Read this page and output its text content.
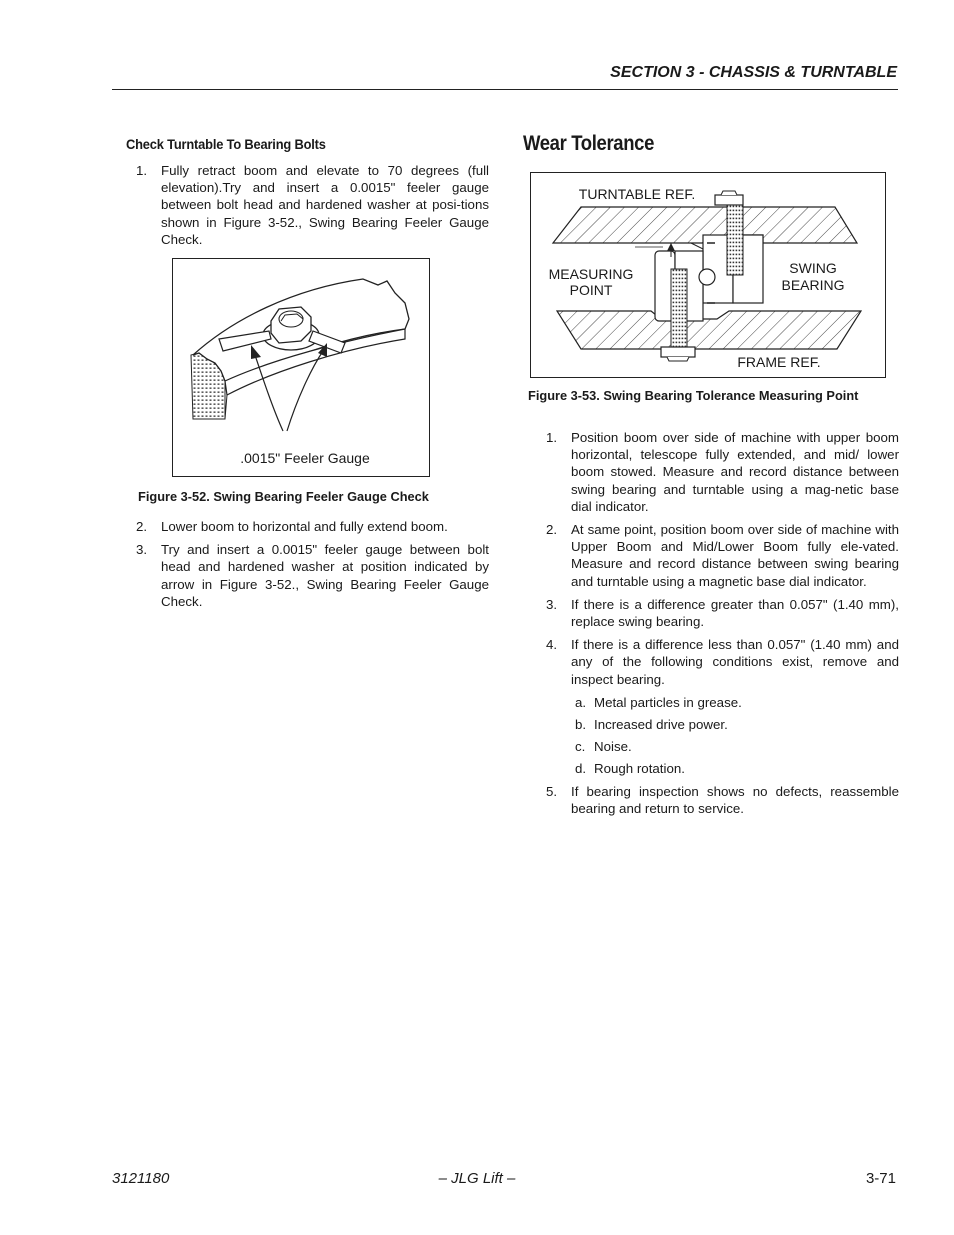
SECTION 3 - CHASSIS & TURNTABLE
Check Turntable To Bearing Bolts
1. Fully retract boom and elevate to 70 degrees (full elevation).Try and insert a 0.0015" feeler gauge between bolt head and hardened washer at posi-tions shown in Figure 3-52., Swing Bearing Feeler Gauge Check.
.0015" Feeler Gauge
Figure 3-52. Swing Bearing Feeler Gauge Check
2. Lower boom to horizontal and fully extend boom.
3. Try and insert a 0.0015" feeler gauge between bolt head and hardened washer at position indicated by arrow in Figure 3-52., Swing Bearing Feeler Gauge Check.
Wear Tolerance
TURNTABLE REF.
MEASURING
POINT
SWING
BEARING
FRAME REF.
Figure 3-53. Swing Bearing Tolerance Measuring Point
1. Position boom over side of machine with upper boom horizontal, telescope fully extended, and mid/ lower boom stowed. Measure and record distance between swing bearing and turntable using a mag-netic base dial indicator.
2. At same point, position boom over side of machine with Upper Boom and Mid/Lower Boom fully ele-vated. Measure and record distance between swing bearing and turntable using a magnetic base dial indicator.
3. If there is a difference greater than 0.057" (1.40 mm), replace swing bearing.
4. If there is a difference less than 0.057" (1.40 mm) and any of the following conditions exist, remove and inspect bearing.
a. Metal particles in grease.
b. Increased drive power.
c. Noise.
d. Rough rotation.
5. If bearing inspection shows no defects, reassemble bearing and return to service.
3121180	– JLG Lift –	3-71
